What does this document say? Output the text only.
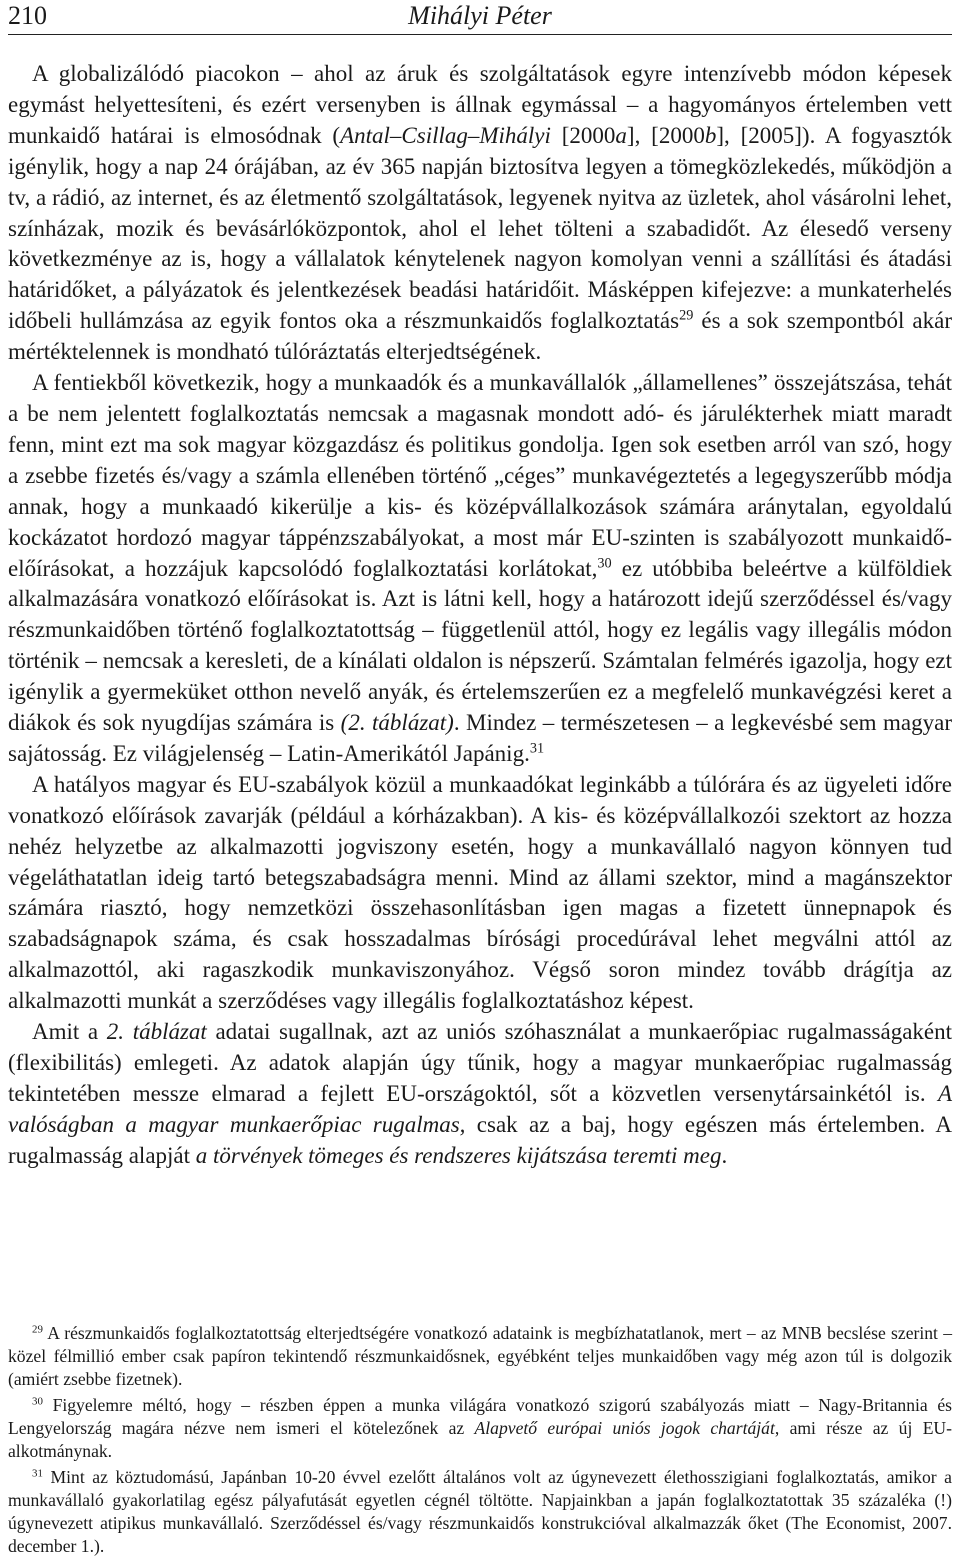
210	Mihályi Péter

A globalizálódó piacokon – ahol az áruk és szolgáltatások egyre intenzívebb módon képesek egymást helyettesíteni, és ezért versenyben is állnak egymással – a hagyományos értelemben vett munkaidő határai is elmosódnak (Antal–Csillag–Mihályi [2000a], [2000b], [2005]). A fogyasztók igénylik, hogy a nap 24 órájában, az év 365 napján biztosítva legyen a tömegközlekedés, működjön a tv, a rádió, az internet, és az életmentő szolgáltatások, legyenek nyitva az üzletek, ahol vásárolni lehet, színházak, mozik és bevásárlóközpontok, ahol el lehet tölteni a szabadidőt. Az élesedő verseny következménye az is, hogy a vállalatok kénytelenek nagyon komolyan venni a szállítási és átadási határidőket, a pályázatok és jelentkezések beadási határidőit. Másképpen kifejezve: a munkaterhelés időbeli hullámzása az egyik fontos oka a részmunkaidős foglalkoztatás$^{29}$ és a sok szempontból akár mértéktelennek is mondható túlóráztatás elterjedtségének.

A fentiekből következik, hogy a munkaadók és a munkavállalók „államellenes” összejátszása, tehát a be nem jelentett foglalkoztatás nemcsak a magasnak mondott adó- és járulékterhek miatt maradt fenn, mint ezt ma sok magyar közgazdász és politikus gondolja. Igen sok esetben arról van szó, hogy a zsebbe fizetés és/vagy a számla ellenében történő „céges” munkavégeztetés a legegyszerűbb módja annak, hogy a munkaadó kikerülje a kis- és középvállalkozások számára aránytalan, egyoldalú kockázatot hordozó magyar táppénzszabályokat, a most már EU-szinten is szabályozott munkaidő-előírásokat, a hozzájuk kapcsolódó foglalkoztatási korlátokat,$^{30}$ ez utóbbiba beleértve a külföldiek alkalmazására vonatkozó előírásokat is. Azt is látni kell, hogy a határozott idejű szerződéssel és/vagy részmunkaidőben történő foglalkoztatottság – függetlenül attól, hogy ez legális vagy illegális módon történik – nemcsak a keresleti, de a kínálati oldalon is népszerű. Számtalan felmérés igazolja, hogy ezt igénylik a gyermeküket otthon nevelő anyák, és értelemszerűen ez a megfelelő munkavégzési keret a diákok és sok nyugdíjas számára is (2. táblázat). Mindez – természetesen – a legkevésbé sem magyar sajátosság. Ez világjelenség – Latin-Amerikától Japánig.$^{31}$

A hatályos magyar és EU-szabályok közül a munkaadókat leginkább a túlórára és az ügyeleti időre vonatkozó előírások zavarják (például a kórházakban). A kis- és középvállalkozói szektort az hozza nehéz helyzetbe az alkalmazotti jogviszony esetén, hogy a munkavállaló nagyon könnyen tud végeláthatatlan ideig tartó betegszabadságra menni. Mind az állami szektor, mind a magánszektor számára riasztó, hogy nemzetközi összehasonlításban igen magas a fizetett ünnepnapok és szabadságnapok száma, és csak hosszadalmas bírósági procedúrával lehet megválni attól az alkalmazottól, aki ragaszkodik munkaviszonyához. Végső soron mindez tovább drágítja az alkalmazotti munkát a szerződéses vagy illegális foglalkoztatáshoz képest.

Amit a 2. táblázat adatai sugallnak, azt az uniós szóhasználat a munkaerőpiac rugalmasságaként (flexibilitás) emlegeti. Az adatok alapján úgy tűnik, hogy a magyar munkaerőpiac rugalmasság tekintetében messze elmarad a fejlett EU-országoktól, sőt a közvetlen versenytársainkétól is. A valóságban a magyar munkaerőpiac rugalmas, csak az a baj, hogy egészen más értelemben. A rugalmasság alapját a törvények tömeges és rendszeres kijátszása teremti meg.

$^{29}$ A részmunkaidős foglalkoztatottság elterjedtségére vonatkozó adataink is megbízhatatlanok, mert – az MNB becslése szerint – közel félmillió ember csak papíron tekintendő részmunkaidősnek, egyébként teljes munkaidőben vagy még azon túl is dolgozik (amiért zsebbe fizetnek).

$^{30}$ Figyelemre méltó, hogy – részben éppen a munka világára vonatkozó szigorú szabályozás miatt – Nagy-Britannia és Lengyelország magára nézve nem ismeri el kötelezőnek az Alapvető európai uniós jogok chartáját, ami része az új EU-alkotmánynak.

$^{31}$ Mint az köztudomású, Japánban 10-20 évvel ezelőtt általános volt az úgynevezett élethosszigiani foglalkoztatás, amikor a munkavállaló gyakorlatilag egész pályafutását egyetlen cégnél töltötte. Napjainkban a japán foglalkoztatottak 35 százaléka (!) úgynevezett atipikus munkavállaló. Szerződéssel és/vagy részmunkaidős konstrukcióval alkalmazzák őket (The Economist, 2007. december 1.).
